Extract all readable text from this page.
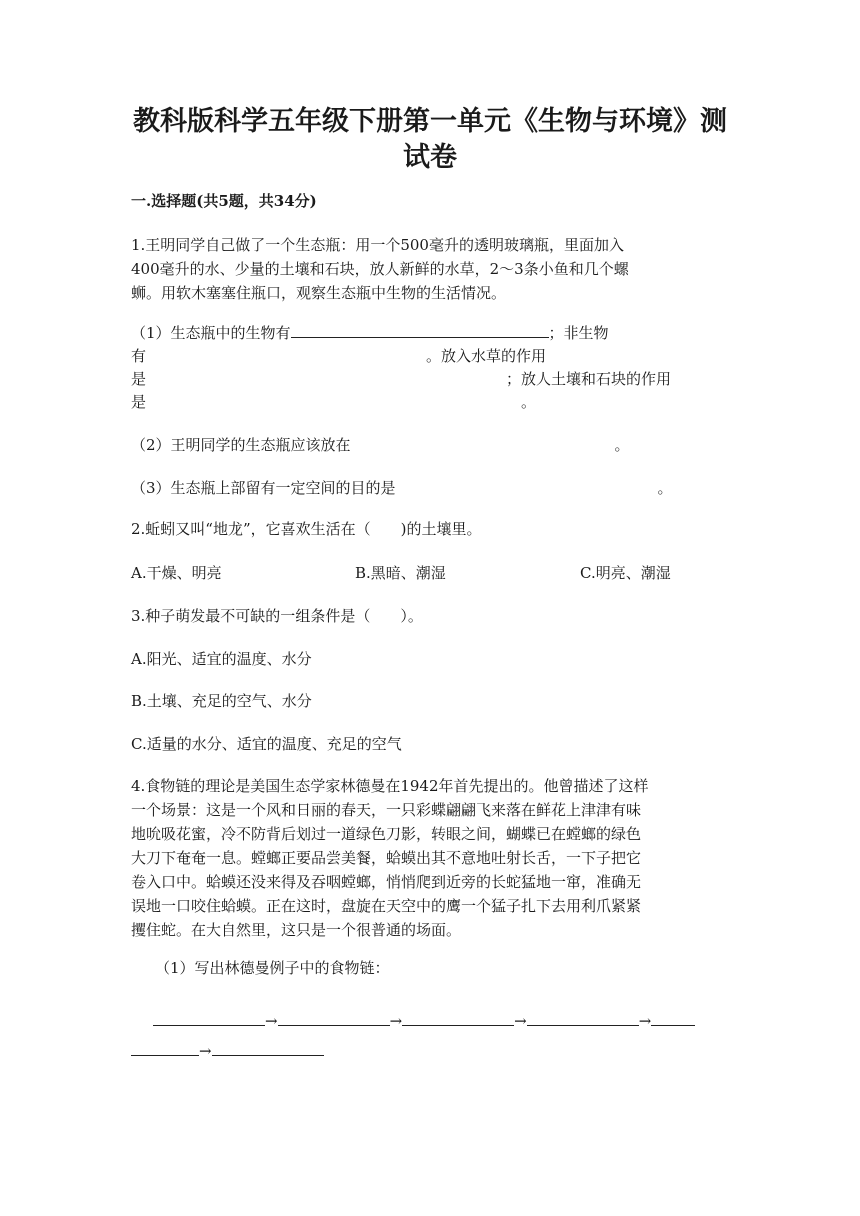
教科版科学五年级下册第一单元《生物与环境》测
试卷
一.选择题(共5题，共34分)
1.王明同学自己做了一个生态瓶：用一个500毫升的透明玻璃瓶，里面加入
400毫升的水、少量的土壤和石块，放人新鲜的水草，2～3条小鱼和几个螺
蛳。用软木塞塞住瓶口，观察生态瓶中生物的生活情况。
（1）生态瓶中的生物有	；非生物
有	。放入水草的作用
是	；放人土壤和石块的作用
是	。
（2）王明同学的生态瓶应该放在	。
（3）生态瓶上部留有一定空间的目的是	。
2.蚯蚓又叫“地龙”，它喜欢生活在（　　)的土壤里。
A.干燥、明亮	B.黑暗、潮湿	C.明亮、潮湿
3.种子萌发最不可缺的一组条件是（　　）。
A.阳光、适宜的温度、水分
B.土壤、充足的空气、水分
C.适量的水分、适宜的温度、充足的空气
4.食物链的理论是美国生态学家林德曼在1942年首先提出的。他曾描述了这样
一个场景：这是一个风和日丽的春天，一只彩蝶翩翩飞来落在鲜花上津津有味
地吮吸花蜜，冷不防背后划过一道绿色刀影，转眼之间，蝴蝶已在螳螂的绿色
大刀下奄奄一息。螳螂正要品尝美餐，蛤蟆出其不意地吐射长舌，一下子把它
卷入口中。蛤蟆还没来得及吞咽螳螂，悄悄爬到近旁的长蛇猛地一窜，准确无
误地一口咬住蛤蟆。正在这时，盘旋在天空中的鹰一个猛子扎下去用利爪紧紧
攫住蛇。在大自然里，这只是一个很普通的场面。
（1）写出林德曼例子中的食物链：
→	→	→	→
→
